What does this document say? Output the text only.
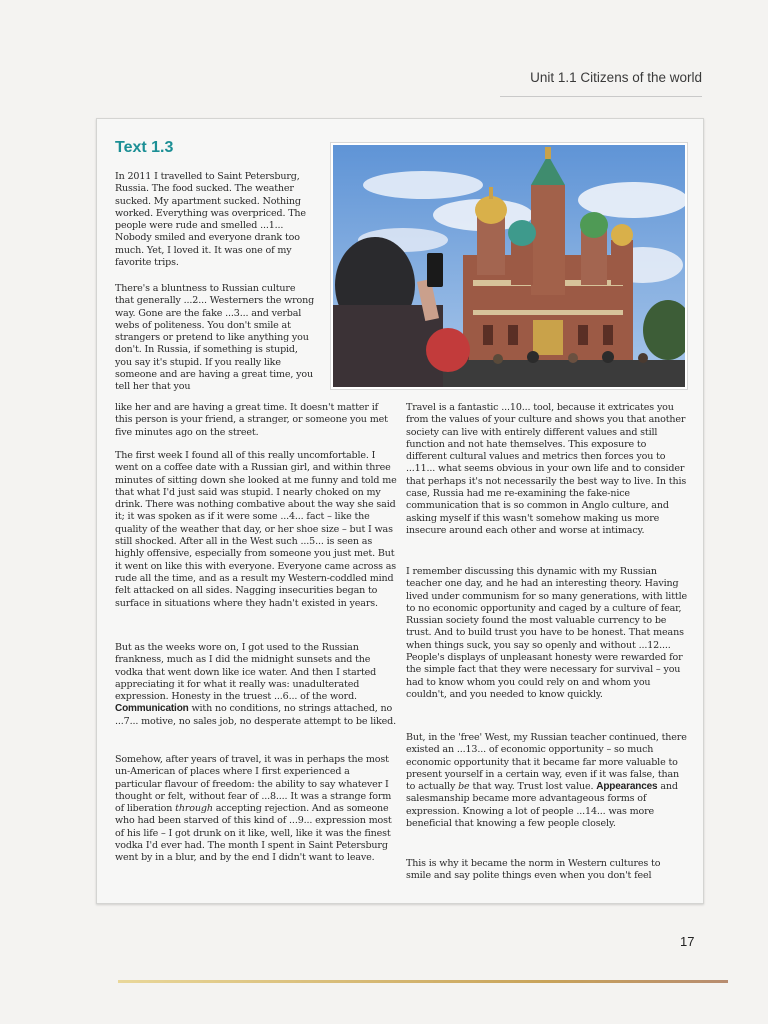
Unit 1.1 Citizens of the world
Text 1.3

In 2011 I travelled to Saint Petersburg, Russia. The food sucked. The weather sucked. My apartment sucked. Nothing worked. Everything was overpriced. The people were rude and smelled ...1... Nobody smiled and everyone drank too much. Yet, I loved it. It was one of my favorite trips.

There's a bluntness to Russian culture that generally ...2... Westerners the wrong way. Gone are the fake ...3... and verbal webs of politeness. You don't smile at strangers or pretend to like anything you don't. In Russia, if something is stupid, you say it's stupid. If you really like someone and are having a great time, you tell her that you

like her and are having a great time. It doesn't matter if this person is your friend, a stranger, or someone you met five minutes ago on the street.

The first week I found all of this really uncomfortable. I went on a coffee date with a Russian girl, and within three minutes of sitting down she looked at me funny and told me that what I'd just said was stupid. I nearly choked on my drink. There was nothing combative about the way she said it; it was spoken as if it were some ...4... fact – like the quality of the weather that day, or her shoe size – but I was still shocked. After all in the West such ...5... is seen as highly offensive, especially from someone you just met. But it went on like this with everyone. Everyone came across as rude all the time, and as a result my Western-coddled mind felt attacked on all sides. Nagging insecurities began to surface in situations where they hadn't existed in years.

But as the weeks wore on, I got used to the Russian frankness, much as I did the midnight sunsets and the vodka that went down like ice water. And then I started appreciating it for what it really was: unadulterated expression. Honesty in the truest ...6... of the word. Communication with no conditions, no strings attached, no ...7... motive, no sales job, no desperate attempt to be liked.

Somehow, after years of travel, it was in perhaps the most un-American of places where I first experienced a particular flavour of freedom: the ability to say whatever I thought or felt, without fear of ...8.... It was a strange form of liberation through accepting rejection. And as someone who had been starved of this kind of ...9... expression most of his life – I got drunk on it like, well, like it was the finest vodka I'd ever had. The month I spent in Saint Petersburg went by in a blur, and by the end I didn't want to leave.

Travel is a fantastic ...10... tool, because it extricates you from the values of your culture and shows you that another society can live with entirely different values and still function and not hate themselves. This exposure to different cultural values and metrics then forces you to ...11... what seems obvious in your own life and to consider that perhaps it's not necessarily the best way to live. In this case, Russia had me re-examining the fake-nice communication that is so common in Anglo culture, and asking myself if this wasn't somehow making us more insecure around each other and worse at intimacy.

I remember discussing this dynamic with my Russian teacher one day, and he had an interesting theory. Having lived under communism for so many generations, with little to no economic opportunity and caged by a culture of fear, Russian society found the most valuable currency to be trust. And to build trust you have to be honest. That means when things suck, you say so openly and without ...12.... People's displays of unpleasant honesty were rewarded for the simple fact that they were necessary for survival – you had to know whom you could rely on and whom you couldn't, and you needed to know quickly.

But, in the 'free' West, my Russian teacher continued, there existed an ...13... of economic opportunity – so much economic opportunity that it became far more valuable to present yourself in a certain way, even if it was false, than to actually be that way. Trust lost value. Appearances and salesmanship became more advantageous forms of expression. Knowing a lot of people ...14... was more beneficial that knowing a few people closely.

This is why it became the norm in Western cultures to smile and say polite things even when you don't feel

17
